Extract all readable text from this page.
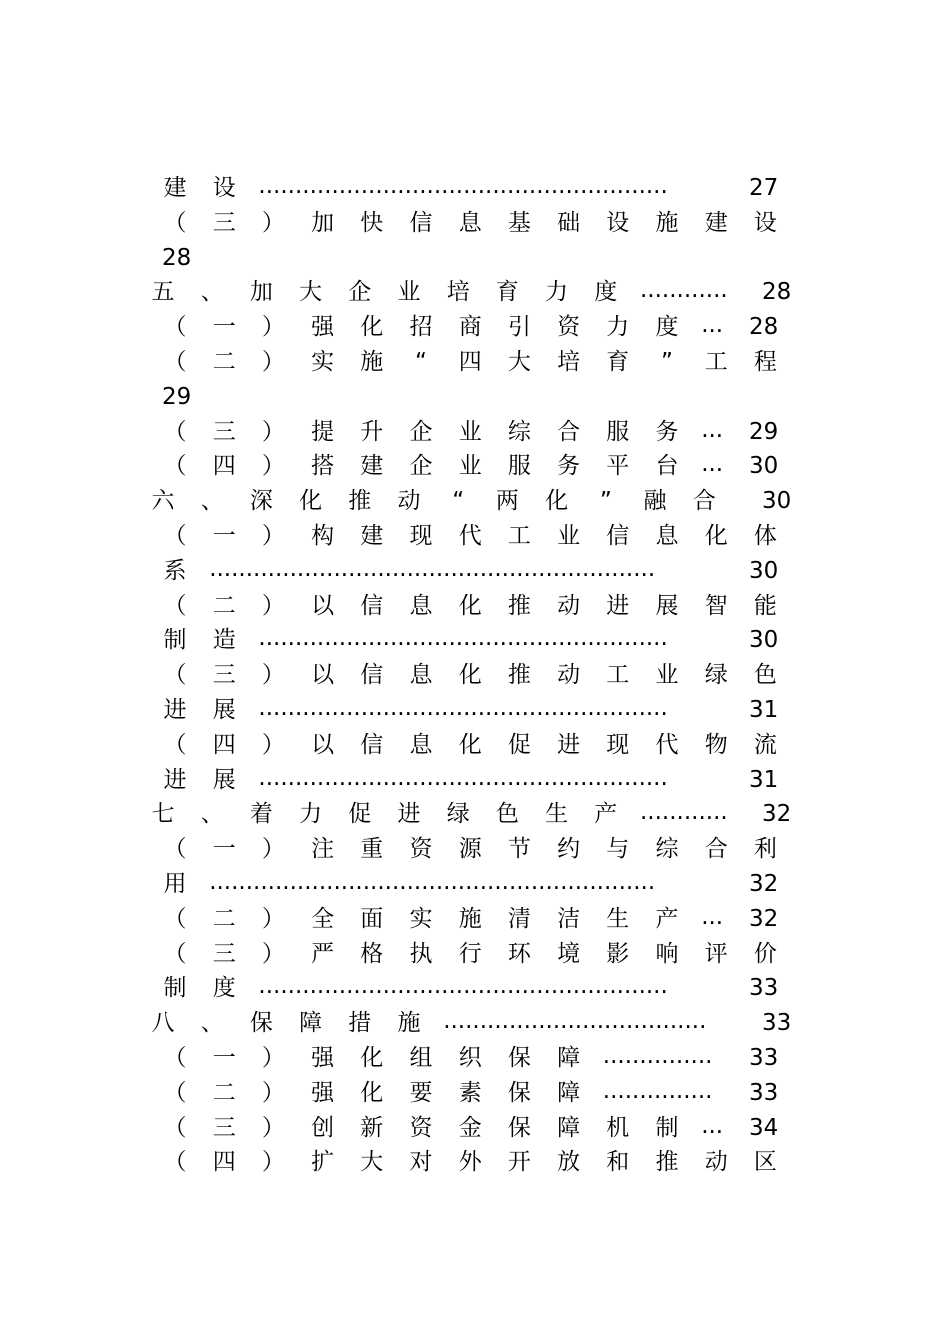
建 设 ........................................................	27
（ 三 ） 加 快 信 息 基 础 设 施 建 设
28
五 、 加 大 企 业 培 育 力 度 ............	28
（ 一 ） 强 化 招 商 引 资 力 度 ... 28
（ 二 ） 实 施	“	四 大 培 育	”	工 程
29
（ 三 ） 提 升 企 业 综 合 服 务 ... 29
（ 四 ） 搭 建 企 业 服 务 平 台 ... 30
六 、 深 化 推 动	“	两 化	”	融 合 30
（ 一 ） 构 建 现 代 工 业 信 息 化 体
系 .............................................................	30
（ 二 ） 以 信 息 化 推 动 进 展 智 能
制 造 ........................................................	30
（ 三 ） 以 信 息 化 推 动 工 业 绿 色
进 展 ........................................................	31
（ 四 ） 以 信 息 化 促 进 现 代 物 流
进 展 ........................................................	31
七 、 着 力 促 进 绿 色 生 产 ............	32
（ 一 ） 注 重 资 源 节 约 与 综 合 利
用 .............................................................	32
（ 二 ） 全 面 实 施 清 洁 生 产 ... 32
（ 三 ） 严 格 执 行 环 境 影 响 评 价
制 度 ........................................................	33
八 、 保 障 措 施 ....................................	33
（ 一 ） 强 化 组 织 保 障 ...............	33
（ 二 ） 强 化 要 素 保 障 ...............	33
（ 三 ） 创 新 资 金 保 障 机 制 ... 34
（ 四 ） 扩 大 对 外 开 放 和 推 动 区
